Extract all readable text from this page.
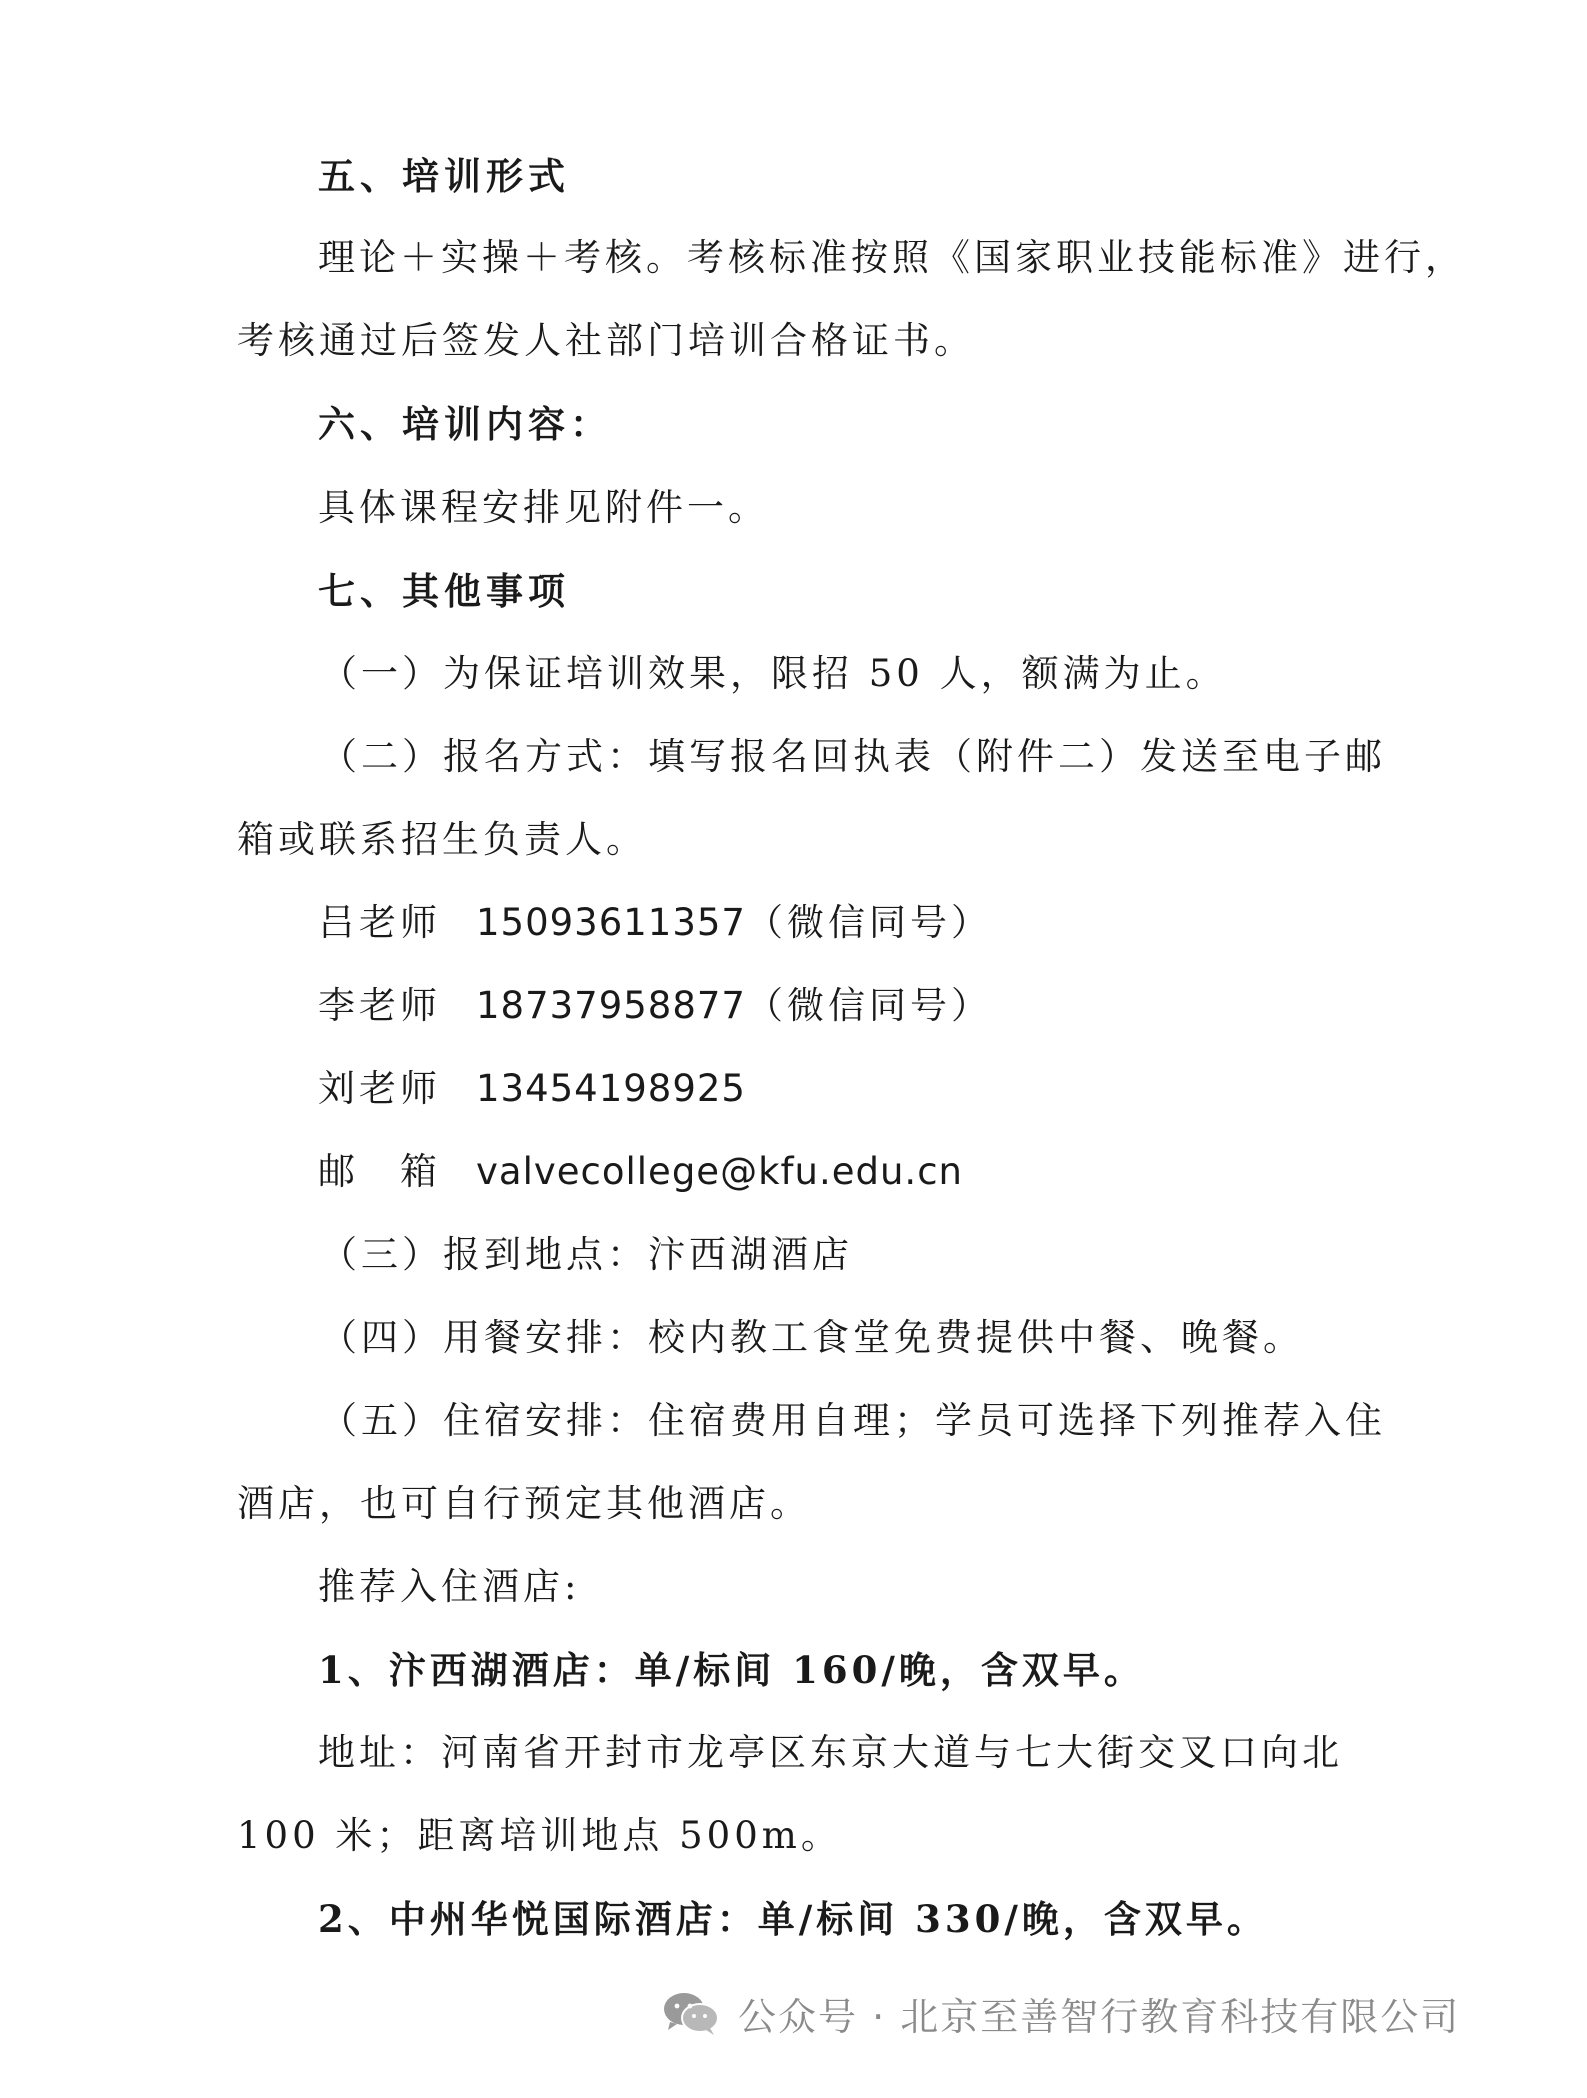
五、培训形式
理论＋实操＋考核。考核标准按照《国家职业技能标准》进行，
考核通过后签发人社部门培训合格证书。
六、培训内容：
具体课程安排见附件一。
七、其他事项
（一）为保证培训效果，限招 50 人，额满为止。
（二）报名方式：填写报名回执表（附件二）发送至电子邮
箱或联系招生负责人。
吕老师 15093611357（微信同号）
李老师 18737958877（微信同号）
刘老师 13454198925
邮　箱 valvecollege@kfu.edu.cn
（三）报到地点：汴西湖酒店
（四）用餐安排：校内教工食堂免费提供中餐、晚餐。
（五）住宿安排：住宿费用自理；学员可选择下列推荐入住
酒店，也可自行预定其他酒店。
推荐入住酒店:
1、汴西湖酒店：单/标间 160/晚，含双早。
地址：河南省开封市龙亭区东京大道与七大街交叉口向北
100 米；距离培训地点 500m。
2、中州华悦国际酒店：单/标间 330/晚，含双早。
公众号 · 北京至善智行教育科技有限公司
